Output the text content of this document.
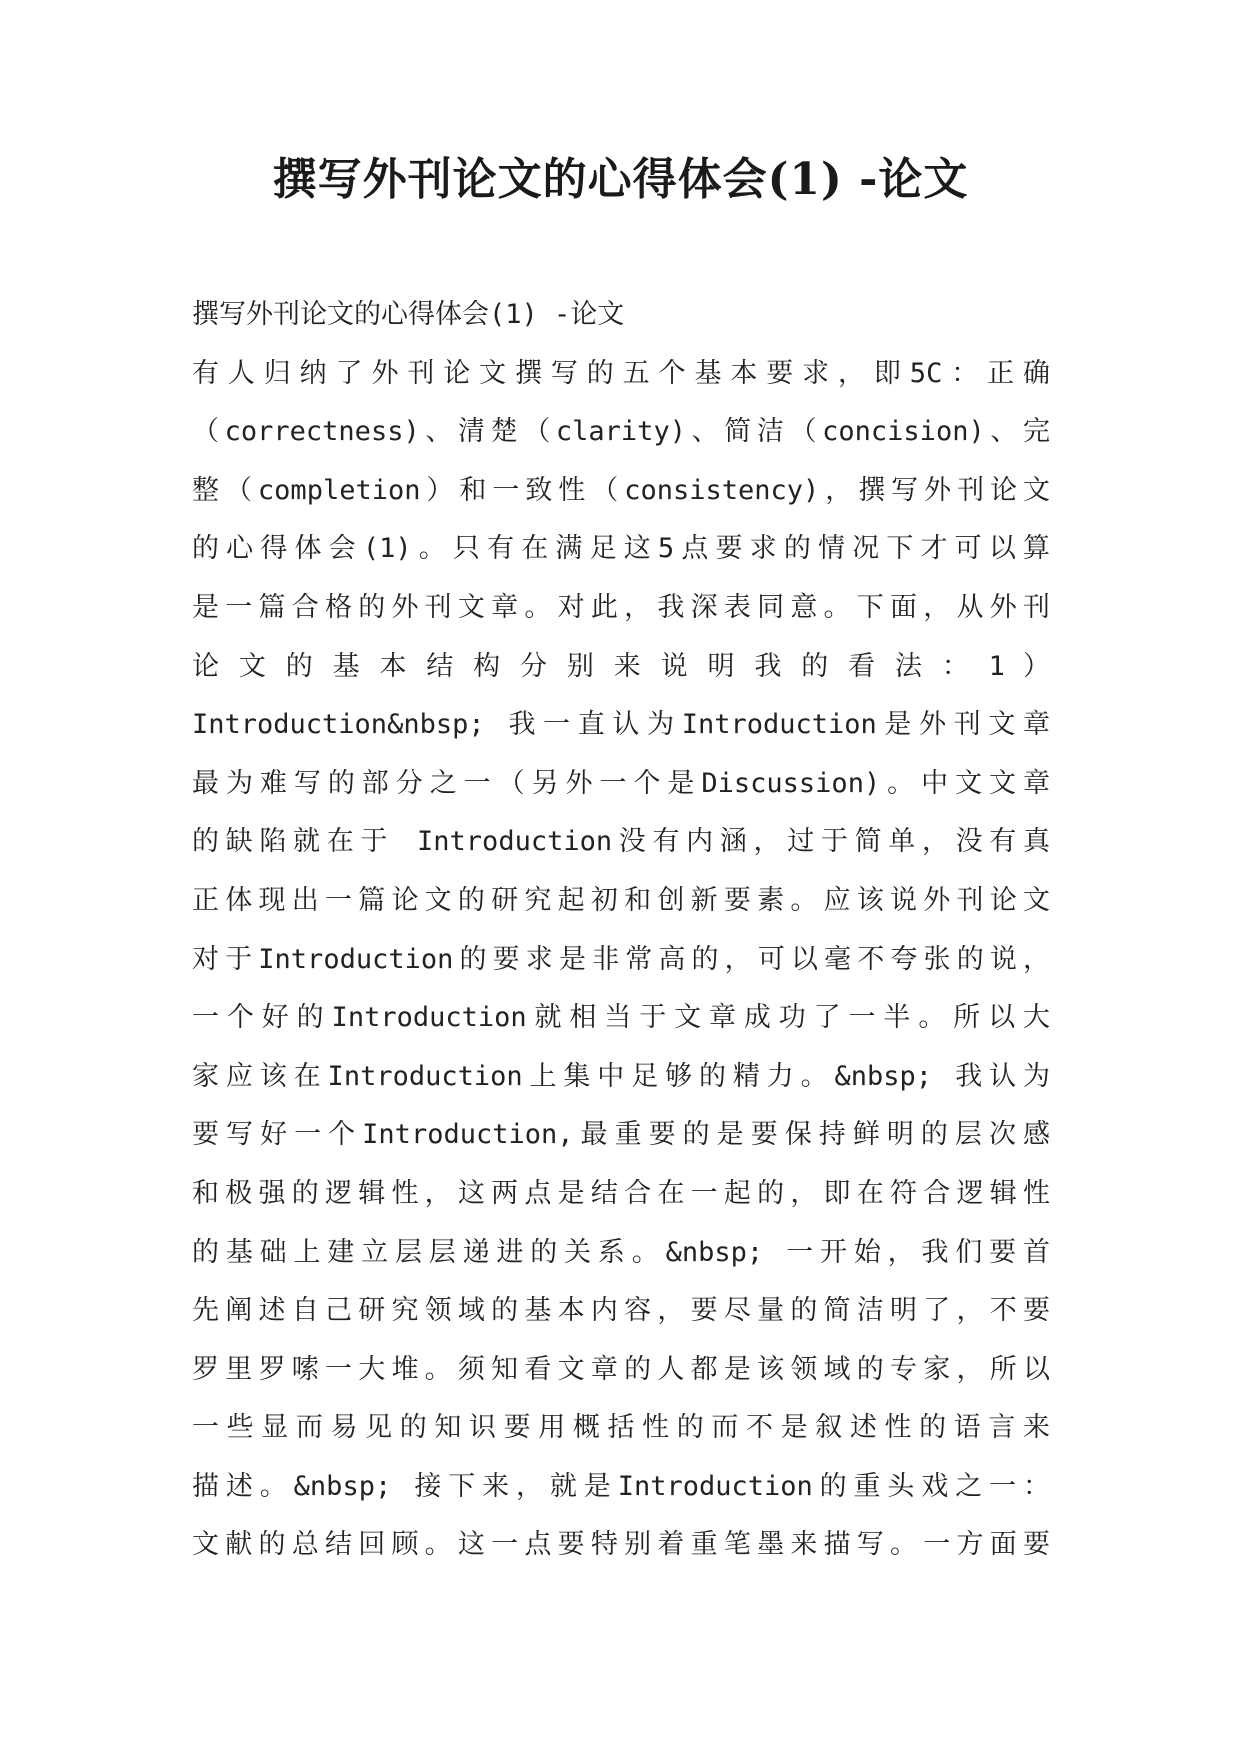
撰写外刊论文的心得体会(1) -论文
撰写外刊论文的心得体会(1) -论文
有人归纳了外刊论文撰写的五个基本要求，即5C：正确
（correctness)、清楚（clarity)、简洁（concision)、完
整（completion）和一致性（consistency)，撰写外刊论文
的心得体会(1)。只有在满足这5点要求的情况下才可以算
是一篇合格的外刊文章。对此，我深表同意。下面，从外刊
论 文 的 基 本 结 构 分 别 来 说 明 我 的 看 法 ： 1 ）
Introduction&nbsp; 我一直认为Introduction是外刊文章
最为难写的部分之一（另外一个是Discussion)。中文文章
的缺陷就在于 Introduction没有内涵，过于简单，没有真
正体现出一篇论文的研究起初和创新要素。应该说外刊论文
对于Introduction的要求是非常高的，可以毫不夸张的说，
一个好的Introduction就相当于文章成功了一半。所以大
家应该在Introduction上集中足够的精力。&nbsp; 我认为
要写好一个Introduction,最重要的是要保持鲜明的层次感
和极强的逻辑性，这两点是结合在一起的，即在符合逻辑性
的基础上建立层层递进的关系。&nbsp; 一开始，我们要首
先阐述自己研究领域的基本内容，要尽量的简洁明了，不要
罗里罗嗦一大堆。须知看文章的人都是该领域的专家，所以
一些显而易见的知识要用概括性的而不是叙述性的语言来
描述。&nbsp; 接下来，就是Introduction的重头戏之一：
文献的总结回顾。这一点要特别着重笔墨来描写。一方面要
